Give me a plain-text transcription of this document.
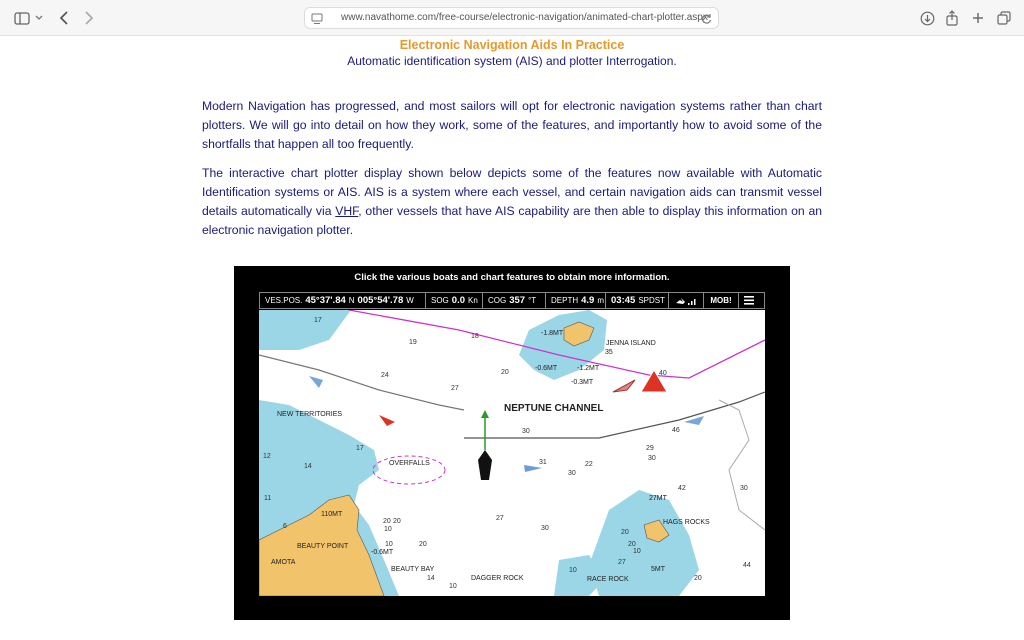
www.navathome.com/free-course/electronic-navigation/animated-chart-plotter.aspx
Electronic Navigation Aids In Practice
Automatic identification system (AIS) and plotter Interrogation.

Modern Navigation has progressed, and most sailors will opt for electronic navigation systems rather than chart plotters. We will go into detail on how they work, some of the features, and importantly how to avoid some of the shortfalls that happen all too frequently.

The interactive chart plotter display shown below depicts some of the features now available with Automatic Identification systems or AIS. AIS is a system where each vessel, and certain navigation aids can transmit vessel details automatically via VHF, other vessels that have AIS capability are then able to display this information on an electronic navigation plotter.

Click the various boats and chart features to obtain more information.
VES.POS. 45°37'.84 N 005°54'.78 W SOG 0.0 Kn COG 357 °T DEPTH 4.9 m 03:45 SPDST	MOB!
NEPTUNE CHANNEL
JENNA ISLAND
35
NEW TERRITORIES
OVERFALLS
BEAUTY POINT
BEAUTY BAY
AMOTA
DAGGER ROCK	RACE ROCK
HAGS ROCKS
-1.8MT
-0.6MT	-1.2MT
-0.3MT
110MT
-0.6MT
27MT
5MT
17
19
18
24
27
20	40
30	46
29
30
31
30
22
42	30
12
14
11
6
17
27
30
20
10
20
10	20
14
10
20
27
20
10
44
10
20
